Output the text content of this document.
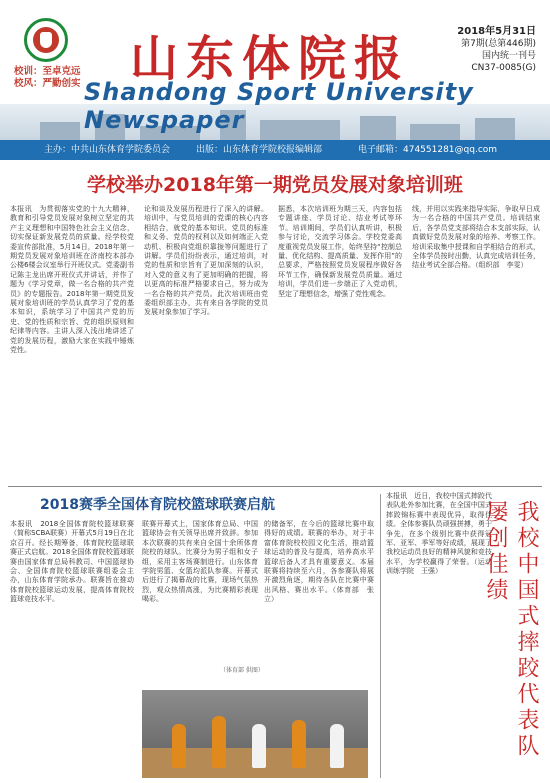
校训：至卓克远
校风：严勤创实	山东体院报	2018年5月31日
第7期(总第446期)
国内统一刊号
CN37-0085(G)
Shandong Sport University Newspaper
主办：中共山东体育学院委员会	出版：山东体育学院校报编辑部	电子邮箱：474551281@qq.com
学校举办2018年第一期党员发展对象培训班

本报讯　为贯彻落实党的十九大精神，教育和引导党员发展对象树立坚定的共产主义理想和中国特色社会主义信念，切实保证新发展党员的质量。经学校党委宣传部批准，5月14日，2018年第一期党员发展对象培训班在济南校本部办公楼6楼会议室举行开班仪式。党委副书记陈主龙出席开班仪式并讲话，并作了题为《学习党章，做一名合格的共产党员》的专题报告。2018年第一期党员发展对象培训班的学员认真学习了党的基本知识，系统学习了中国共产党的历史、党的性质和宗旨、党的组织原则和纪律等内容。主讲人深入浅出地讲述了党的发展历程，激励大家在实践中锤炼党性。

论和谈及发展历程进行了深入的讲解。培训中，与党员培训的党课的核心内容相结合，就党的基本知识、党员的标准和义务、党员的权利以及如何端正入党动机、积极向党组织靠拢等问题进行了讲解。学员们纷纷表示，通过培训，对党的性质和宗旨有了更加深刻的认识，对入党的意义有了更加明确的把握，将以更高的标准严格要求自己，努力成为一名合格的共产党员。此次培训班由党委组织部主办，共有来自各学院的党员发展对象参加了学习。

据悉，本次培训班为期三天，内容包括专题讲座、学员讨论、结业考试等环节。培训期间，学员们认真听讲，积极参与讨论，交流学习体会。学校党委高度重视党员发展工作，始终坚持“控制总量、优化结构、提高质量、发挥作用”的总要求，严格按照党员发展程序做好各环节工作，确保新发展党员质量。通过培训，学员们进一步端正了入党动机，坚定了理想信念，增强了党性观念。

线，并用以实践来指导实际，争取早日成为一名合格的中国共产党员。培训结束后，各学员党支部将结合本支部实际，认真做好党员发展对象的培养、考察工作。培训采取集中授课和自学相结合的形式，全体学员按时出勤，认真完成培训任务，结业考试全部合格。（组织部　李雯）

2018赛季全国体育院校篮球联赛启航

本报讯　2018全国体育院校篮球联赛（简称SCBA联赛）开幕式5月19日在北京召开。经长期筹备，体育院校篮球联赛正式启航。2018全国体育院校篮球联赛由国家体育总局科教司、中国篮球协会、全国体育院校篮球联赛组委会主办，山东体育学院承办。联赛旨在推动体育院校篮球运动发展，提高体育院校篮球竞技水平。

联赛开幕式上，国家体育总局、中国篮球协会有关领导出席并致辞。参加本次联赛的共有来自全国十余所体育院校的球队。比赛分为男子组和女子组，采用主客场赛制进行。山东体育学院男篮、女篮均派队参赛。开幕式后进行了揭幕战的比赛，现场气氛热烈，观众热情高涨，为比赛精彩表现喝彩。

的储备军，在今后的篮球比赛中取得好的成绩。联赛的举办，对于丰富体育院校校园文化生活，推动篮球运动的普及与提高，培养高水平篮球后备人才具有重要意义。本届联赛将持续至六月，各参赛队将展开激烈角逐，期待各队在比赛中赛出风格、赛出水平。（体育部　张立）

本报讯　近日，我校中国式摔跤代表队赴外参加比赛，在全国中国式摔跤锦标赛中表现优异，取得佳绩。全体参赛队员顽强拼搏，勇于争先，在多个级别比赛中获得冠军、亚军、季军等好成绩，展现了我校运动员良好的精神风貌和竞技水平，为学校赢得了荣誉。（运动训练学院　王强）

（体育部 供图）	我校中国式摔跤代表队屡创佳绩
